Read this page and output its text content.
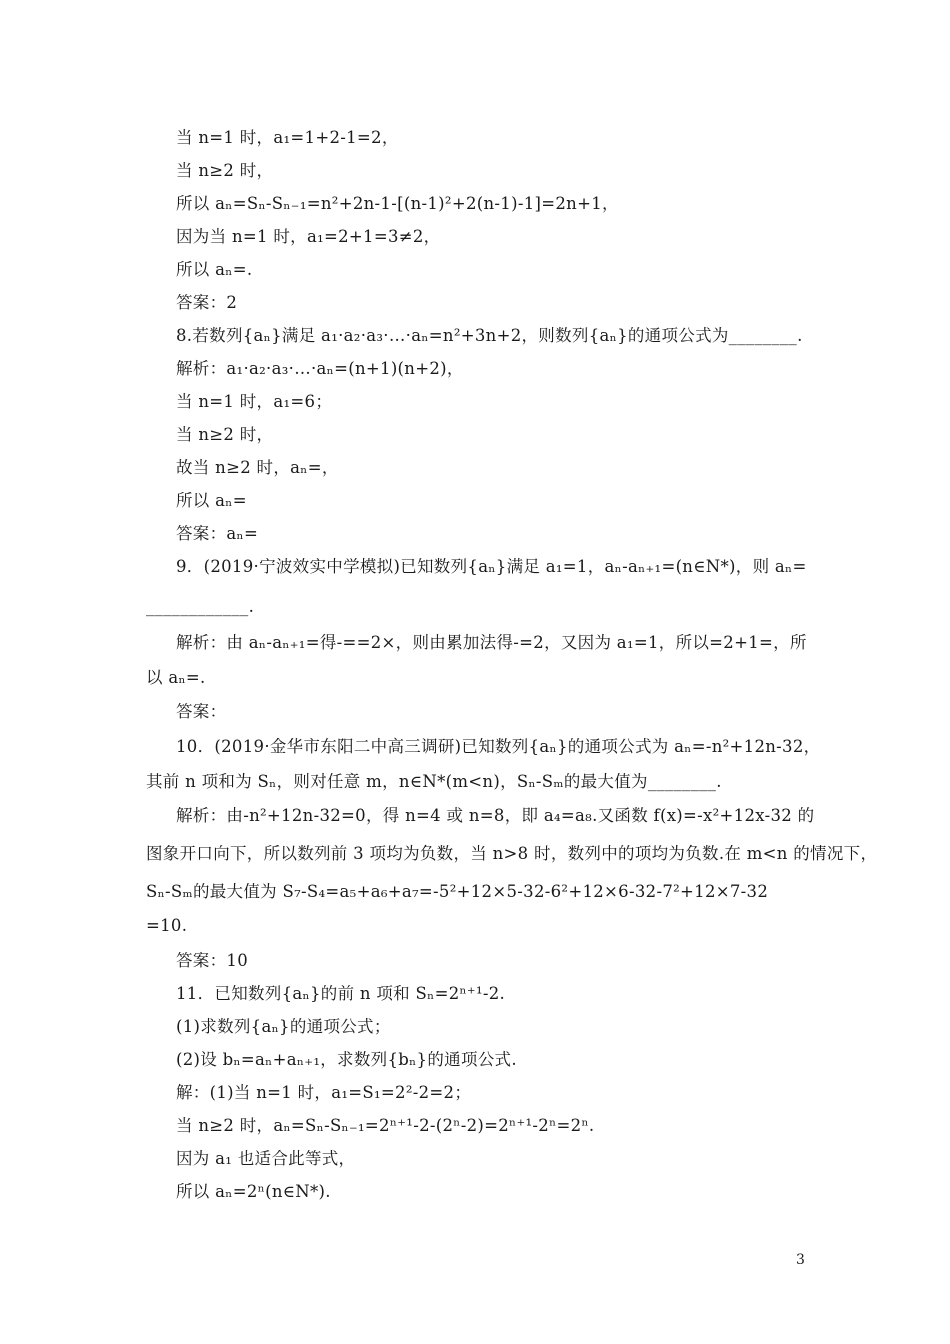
当 n=1 时，a₁=1+2-1=2，
当 n≥2 时，
所以 aₙ=Sₙ-Sₙ₋₁=n²+2n-1-[(n-1)²+2(n-1)-1]=2n+1，
因为当 n=1 时，a₁=2+1=3≠2，
所以 aₙ=.
答案：2
8.若数列{aₙ}满足 a₁·a₂·a₃·…·aₙ=n²+3n+2，则数列{aₙ}的通项公式为________.
解析：a₁·a₂·a₃·…·aₙ=(n+1)(n+2)，
当 n=1 时，a₁=6；
当 n≥2 时，
故当 n≥2 时，aₙ=，
所以 aₙ=
答案：aₙ=
9．(2019·宁波效实中学模拟)已知数列{aₙ}满足 a₁=1，aₙ-aₙ₊₁=(n∈N*)，则 aₙ=
____________.
解析：由 aₙ-aₙ₊₁=得-==2×，则由累加法得-=2，又因为 a₁=1，所以=2+1=，所
以 aₙ=.
答案：
10．(2019·金华市东阳二中高三调研)已知数列{aₙ}的通项公式为 aₙ=-n²+12n-32，
其前 n 项和为 Sₙ，则对任意 m，n∈N*(m<n)，Sₙ-Sₘ的最大值为________.
解析：由-n²+12n-32=0，得 n=4 或 n=8，即 a₄=a₈.又函数 f(x)=-x²+12x-32 的
图象开口向下，所以数列前 3 项均为负数，当 n>8 时，数列中的项均为负数.在 m<n 的情况下，
Sₙ-Sₘ的最大值为 S₇-S₄=a₅+a₆+a₇=-5²+12×5-32-6²+12×6-32-7²+12×7-32
=10.
答案：10
11．已知数列{aₙ}的前 n 项和 Sₙ=2ⁿ⁺¹-2.
(1)求数列{aₙ}的通项公式；
(2)设 bₙ=aₙ+aₙ₊₁，求数列{bₙ}的通项公式.
解：(1)当 n=1 时，a₁=S₁=2²-2=2；
当 n≥2 时，aₙ=Sₙ-Sₙ₋₁=2ⁿ⁺¹-2-(2ⁿ-2)=2ⁿ⁺¹-2ⁿ=2ⁿ.
因为 a₁ 也适合此等式，
所以 aₙ=2ⁿ(n∈N*).
3
